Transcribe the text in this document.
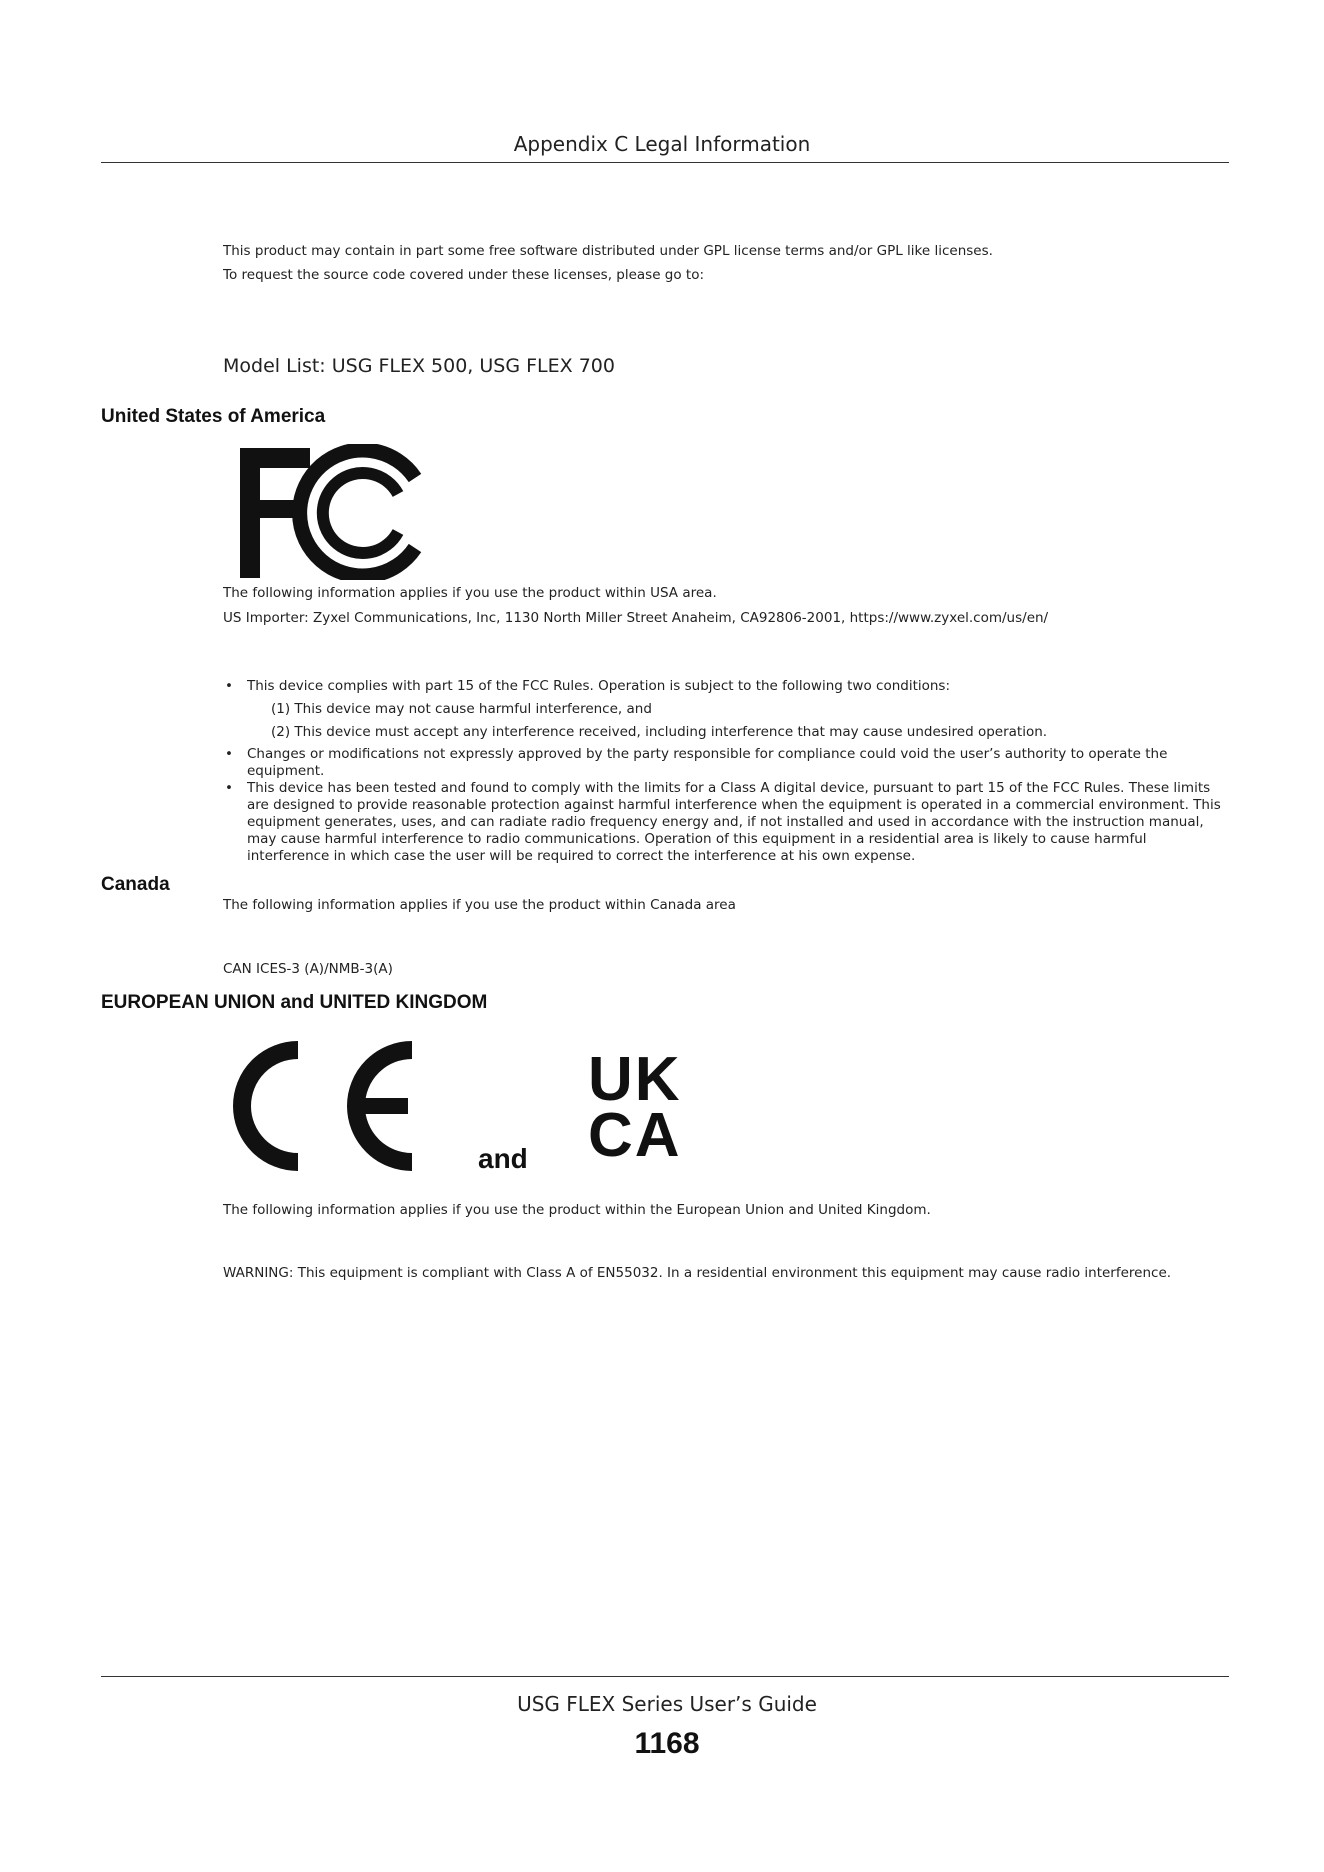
Appendix C Legal Information
This product may contain in part some free software distributed under GPL license terms and/or GPL like licenses.
To request the source code covered under these licenses, please go to:
Model List: USG FLEX 500, USG FLEX 700
United States of America
The following information applies if you use the product within USA area.
US Importer: Zyxel Communications, Inc, 1130 North Miller Street Anaheim, CA92806-2001, https://www.zyxel.com/us/en/
• This device complies with part 15 of the FCC Rules. Operation is subject to the following two conditions:
(1) This device may not cause harmful interference, and
(2) This device must accept any interference received, including interference that may cause undesired operation.
• Changes or modifications not expressly approved by the party responsible for compliance could void the user’s authority to operate the equipment.
• This device has been tested and found to comply with the limits for a Class A digital device, pursuant to part 15 of the FCC Rules. These limits are designed to provide reasonable protection against harmful interference when the equipment is operated in a commercial environment. This equipment generates, uses, and can radiate radio frequency energy and, if not installed and used in accordance with the instruction manual, may cause harmful interference to radio communications. Operation of this equipment in a residential area is likely to cause harmful interference in which case the user will be required to correct the interference at his own expense.
Canada
The following information applies if you use the product within Canada area
CAN ICES-3 (A)/NMB-3(A)
EUROPEAN UNION and UNITED KINGDOM
and
UK
CA
The following information applies if you use the product within the European Union and United Kingdom.
WARNING: This equipment is compliant with Class A of EN55032. In a residential environment this equipment may cause radio interference.
USG FLEX Series User’s Guide
1168
